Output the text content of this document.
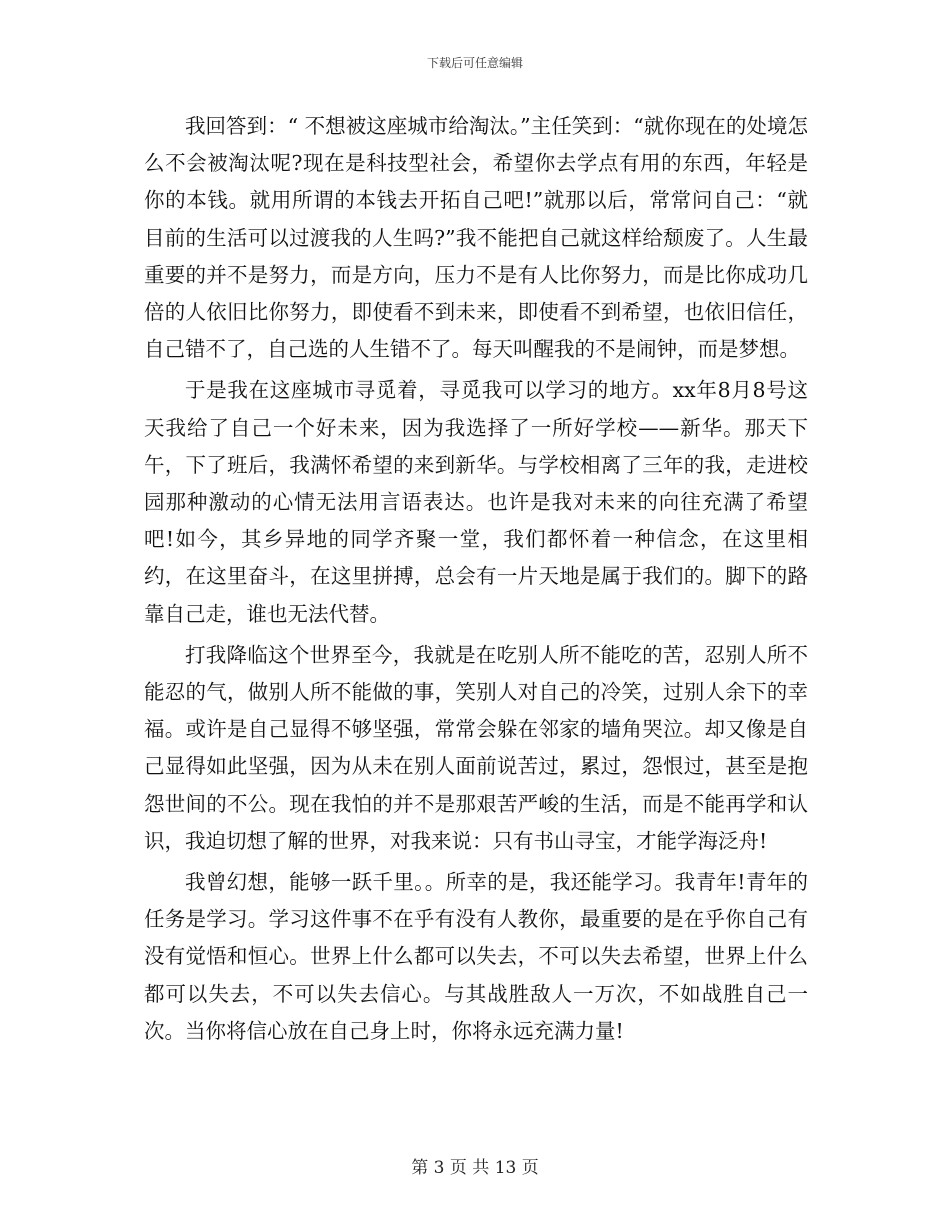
下载后可任意编辑

我回答到：“ 不想被这座城市给淘汰。”主任笑到：“就你现在的处境怎么不会被淘汰呢?现在是科技型社会，希望你去学点有用的东西，年轻是你的本钱。就用所谓的本钱去开拓自己吧!”就那以后，常常问自己：“就目前的生活可以过渡我的人生吗?”我不能把自己就这样给颓废了。人生最重要的并不是努力，而是方向，压力不是有人比你努力，而是比你成功几倍的人依旧比你努力，即使看不到未来，即使看不到希望，也依旧信任，自己错不了，自己选的人生错不了。每天叫醒我的不是闹钟，而是梦想。

于是我在这座城市寻觅着，寻觅我可以学习的地方。xx年8月8号这天我给了自己一个好未来，因为我选择了一所好学校——新华。那天下午，下了班后，我满怀希望的来到新华。与学校相离了三年的我，走进校园那种激动的心情无法用言语表达。也许是我对未来的向往充满了希望吧!如今，其乡异地的同学齐聚一堂，我们都怀着一种信念，在这里相约，在这里奋斗，在这里拼搏，总会有一片天地是属于我们的。脚下的路靠自己走，谁也无法代替。

打我降临这个世界至今，我就是在吃别人所不能吃的苦，忍别人所不能忍的气，做别人所不能做的事，笑别人对自己的冷笑，过别人余下的幸福。或许是自己显得不够坚强，常常会躲在邻家的墙角哭泣。却又像是自己显得如此坚强，因为从未在别人面前说苦过，累过，怨恨过，甚至是抱怨世间的不公。现在我怕的并不是那艰苦严峻的生活，而是不能再学和认识，我迫切想了解的世界，对我来说：只有书山寻宝，才能学海泛舟!

我曾幻想，能够一跃千里。。所幸的是，我还能学习。我青年!青年的任务是学习。学习这件事不在乎有没有人教你，最重要的是在乎你自己有没有觉悟和恒心。世界上什么都可以失去，不可以失去希望，世界上什么都可以失去，不可以失去信心。与其战胜敌人一万次，不如战胜自己一次。当你将信心放在自己身上时，你将永远充满力量!

第 3 页 共 13 页
